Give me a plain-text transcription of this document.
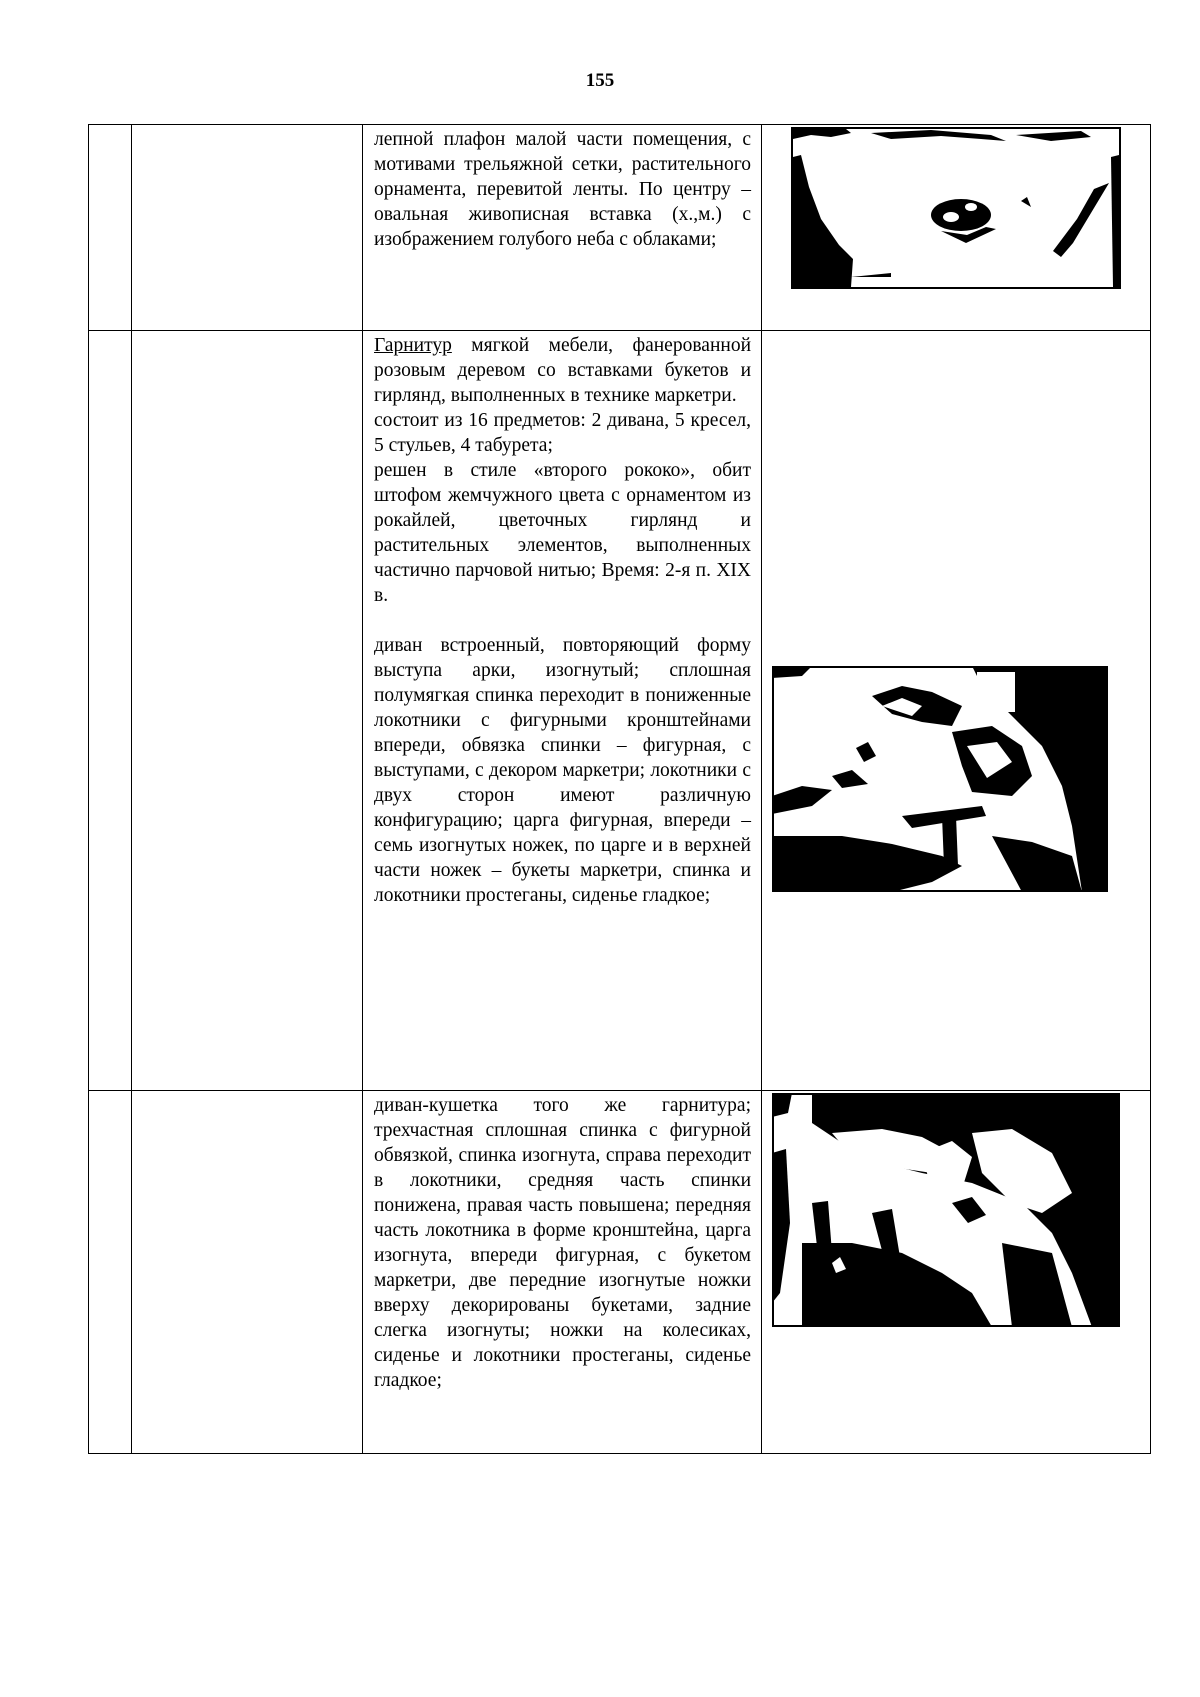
155

		лепной плафон малой части помещения, с мотивами трельяжной сетки, растительного орнамента, перевитой ленты. По центру – овальная живописная вставка (х.,м.) с изображением голубого неба с облаками;

		Гарнитур мягкой мебели, фанерованной розовым деревом со вставками букетов и гирлянд, выполненных в технике маркетри.

состоит из 16 предметов: 2 дивана, 5 кресел, 5 стульев, 4 табурета;

решен в стиле «второго рококо», обит штофом жемчужного цвета с орнаментом из рокайлей, цветочных гирлянд и растительных элементов, выполненных частично парчовой нитью; Время: 2-я п. XIX в.

диван встроенный, повторяющий форму выступа арки, изогнутый; сплошная полумягкая спинка переходит в пониженные локотники с фигурными кронштейнами впереди, обвязка спинки – фигурная, с выступами, с декором маркетри; локотники с двух сторон имеют различную конфигурацию; царга фигурная, впереди – семь изогнутых ножек, по царге и в верхней части ножек – букеты маркетри, спинка и локотники простеганы, сиденье гладкое;

		диван-кушетка того же гарнитура; трехчастная сплошная спинка с фигурной обвязкой, спинка изогнута, справа переходит в локотники, средняя часть спинки понижена, правая часть повышена; передняя часть локотника в форме кронштейна, царга изогнута, впереди фигурная, с букетом маркетри, две передние изогнутые ножки вверху декорированы букетами, задние слегка изогнуты; ножки на колесиках, сиденье и локотники простеганы, сиденье гладкое;
